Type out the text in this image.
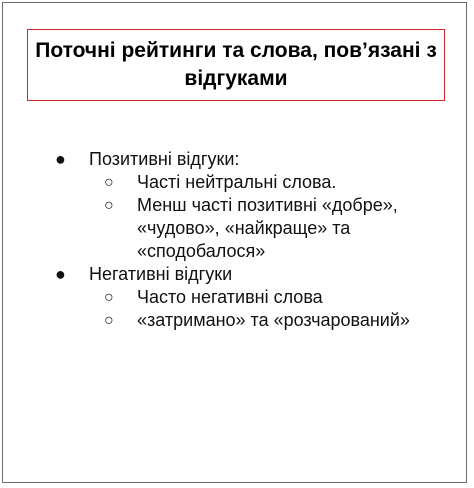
Поточні рейтинги та слова, пов’язані з відгуками
● Позитивні відгуки:
○ Часті нейтральні слова.
○ Менш часті позитивні «добре», «чудово», «найкраще» та «сподобалося»
● Негативні відгуки
○ Часто негативні слова
○ «затримано» та «розчарований»
